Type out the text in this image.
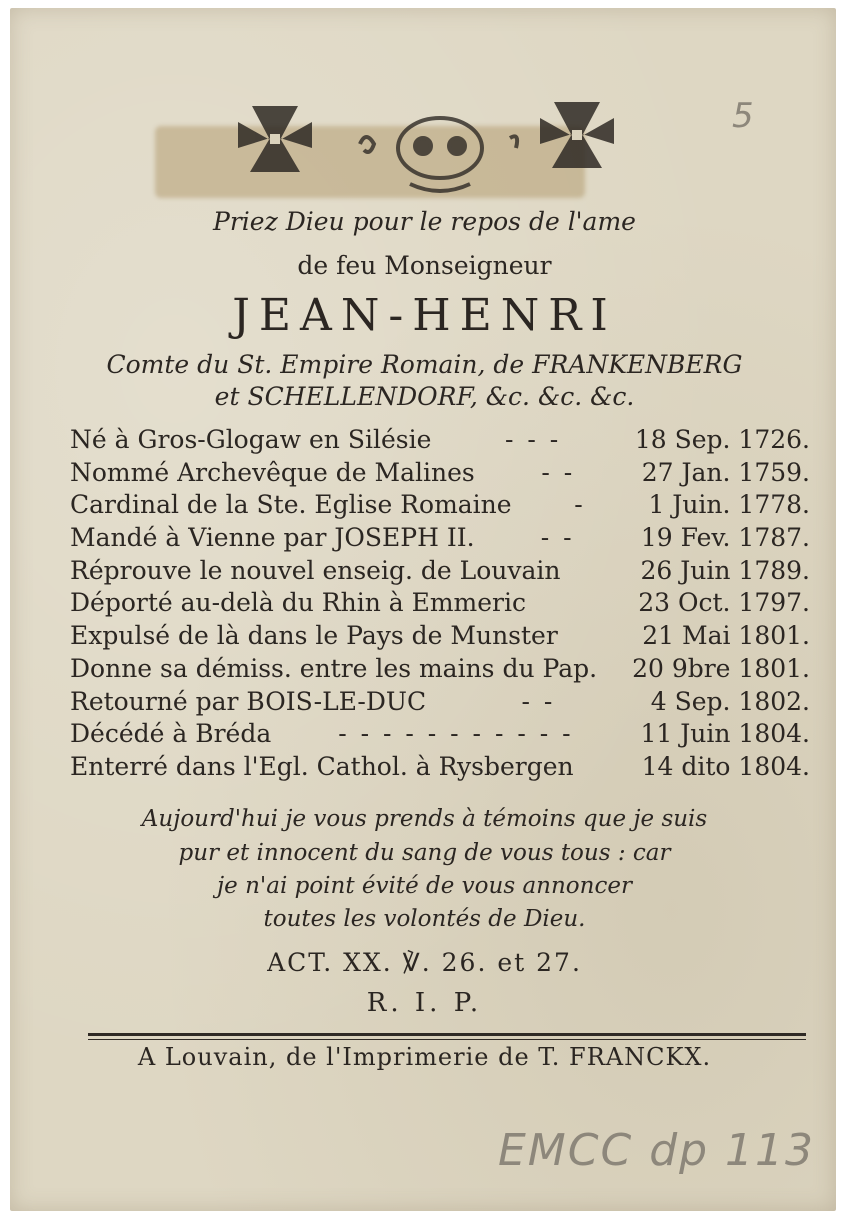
5
Priez Dieu pour le repos de l'ame
de feu Monseigneur
JEAN-HENRI
Comte du St. Empire Romain, de FRANKENBERG
et SCHELLENDORF, &c. &c. &c.
Né à Gros-Glogaw en Silésie	- - -	18 Sep. 1726.
Nommé Archevêque de Malines	- -	27 Jan. 1759.
Cardinal de la Ste. Eglise Romaine	-	1 Juin. 1778.
Mandé à Vienne par JOSEPH II.	- -	19 Fev. 1787.
Réprouve le nouvel enseig. de Louvain	26 Juin 1789.
Déporté au-delà du Rhin à Emmeric	23 Oct. 1797.
Expulsé de là dans le Pays de Munster	21 Mai 1801.
Donne sa démiss. entre les mains du Pap. 20 9bre 1801.
Retourné par BOIS-LE-DUC	- -	4 Sep. 1802.
Décédé à Bréda	- - - - - - - - - - -	11 Juin 1804.
Enterré dans l'Egl. Cathol. à Rysbergen	14 dito 1804.
Aujourd'hui je vous prends à témoins que je suis
pur et innocent du sang de vous tous : car
je n'ai point évité de vous annoncer
toutes les volontés de Dieu.
ACT. XX. ℣. 26. et 27.
R. I. P.
A Louvain, de l'Imprimerie de T. FRANCKX.
EMCC dp 113
